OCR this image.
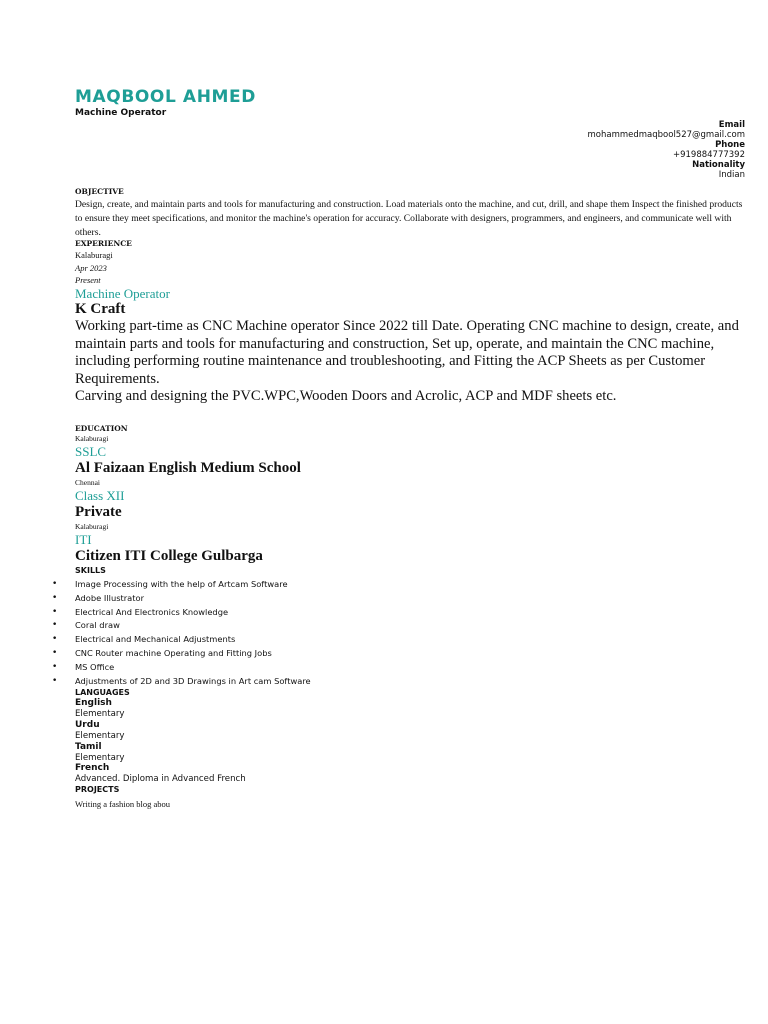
MAQBOOL AHMED
Machine Operator
Email
mohammedmaqbool527@gmail.com
Phone
+919884777392
Nationality
Indian
OBJECTIVE
Design, create, and maintain parts and tools for manufacturing and construction. Load materials onto the machine, and cut, drill, and shape them Inspect the finished products to ensure they meet specifications, and monitor the machine's operation for accuracy. Collaborate with designers, programmers, and engineers, and communicate well with others.
EXPERIENCE
Kalaburagi
Apr 2023
Present
Machine Operator
K Craft
Working part-time as CNC Machine operator Since 2022 till Date. Operating CNC machine to design, create, and maintain parts and tools for manufacturing and construction, Set up, operate, and maintain the CNC machine, including performing routine maintenance and troubleshooting, and Fitting the ACP Sheets as per Customer Requirements.
Carving and designing the PVC.WPC,Wooden Doors and Acrolic, ACP and MDF sheets etc.
EDUCATION
Kalaburagi
SSLC
Al Faizaan English Medium School
Chennai
Class XII
Private
Kalaburagi
ITI
Citizen ITI College Gulbarga
SKILLS
• Image Processing with the help of Artcam Software
• Adobe Illustrator
• Electrical And Electronics Knowledge
• Coral draw
• Electrical and Mechanical Adjustments
• CNC Router machine Operating and Fitting Jobs
• MS Office
• Adjustments of 2D and 3D Drawings in Art cam Software
LANGUAGES
English
Elementary
Urdu
Elementary
Tamil
Elementary
French
Advanced. Diploma in Advanced French
PROJECTS
Writing a fashion blog abou
